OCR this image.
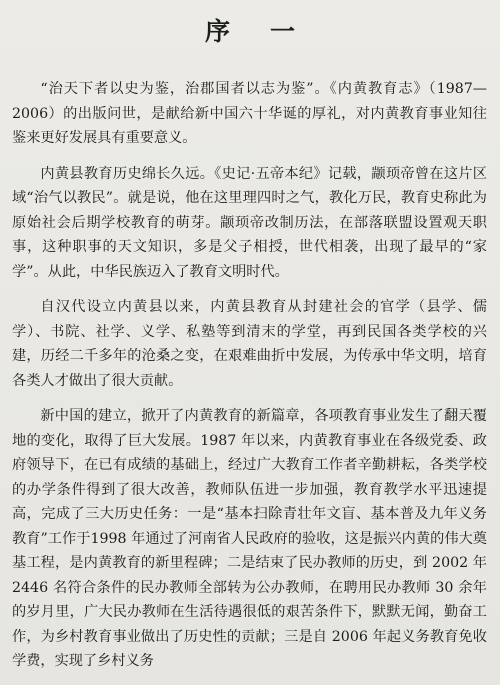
序 一

“治天下者以史为鉴，治郡国者以志为鉴”。《内黄教育志》（1987—2006）的出版问世，是献给新中国六十华诞的厚礼，对内黄教育事业知往鉴来更好发展具有重要意义。

内黄县教育历史绵长久远。《史记·五帝本纪》记载，颛顼帝曾在这片区域“治气以教民”。就是说，他在这里理四时之气，教化万民，教育史称此为原始社会后期学校教育的萌芽。颛顼帝改制历法，在部落联盟设置观天职事，这种职事的天文知识，多是父子相授，世代相袭，出现了最早的“家学”。从此，中华民族迈入了教育文明时代。

自汉代设立内黄县以来，内黄县教育从封建社会的官学（县学、儒学）、书院、社学、义学、私塾等到清末的学堂，再到民国各类学校的兴建，历经二千多年的沧桑之变，在艰难曲折中发展，为传承中华文明，培育各类人才做出了很大贡献。

新中国的建立，掀开了内黄教育的新篇章，各项教育事业发生了翻天覆地的变化，取得了巨大发展。1987 年以来，内黄教育事业在各级党委、政府领导下，在已有成绩的基础上，经过广大教育工作者辛勤耕耘，各类学校的办学条件得到了很大改善，教师队伍进一步加强，教育教学水平迅速提高，完成了三大历史任务：一是“基本扫除青壮年文盲、基本普及九年义务教育”工作于1998 年通过了河南省人民政府的验收，这是振兴内黄的伟大奠基工程，是内黄教育的新里程碑；二是结束了民办教师的历史，到 2002 年2446 名符合条件的民办教师全部转为公办教师，在聘用民办教师 30 余年的岁月里，广大民办教师在生活待遇很低的艰苦条件下，默默无闻，勤奋工作，为乡村教育事业做出了历史性的贡献；三是自 2006 年起义务教育免收学费，实现了乡村义务
